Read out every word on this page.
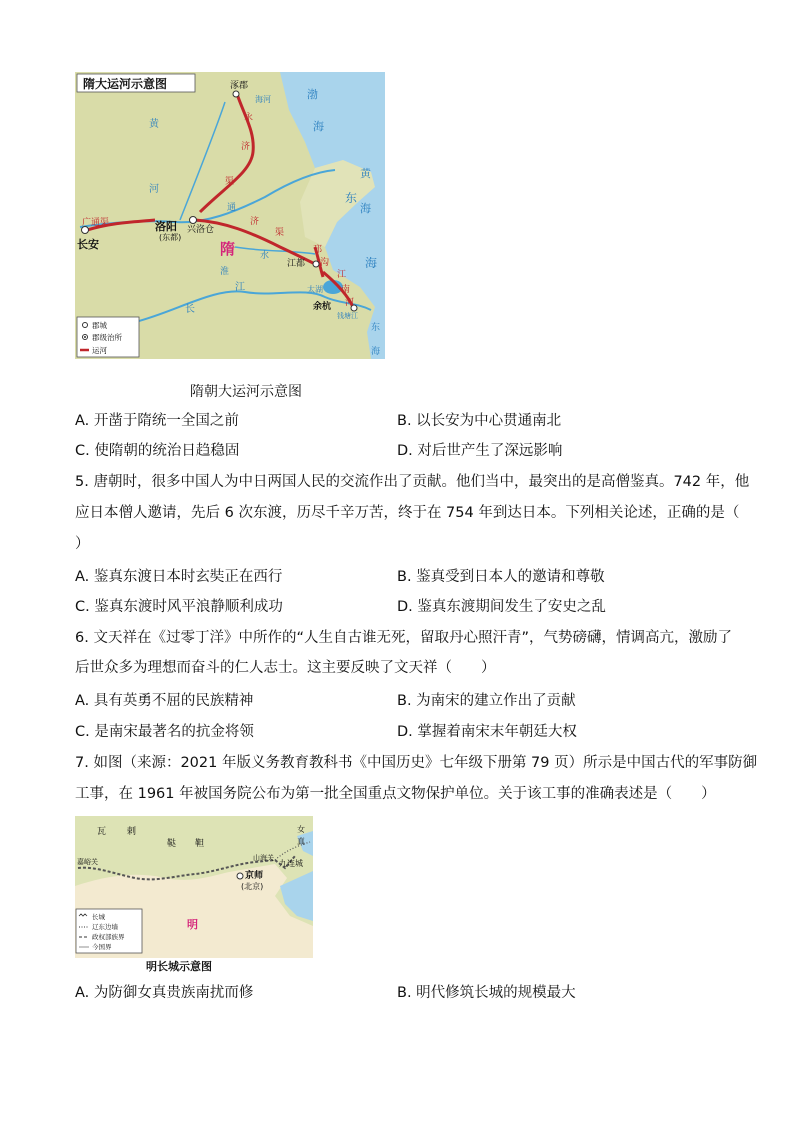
隋大运河示意图	涿郡
海河	渤
海
永
济
渠
黄
河
广通渠
长安
洛阳
(东都)
兴洛仓
通
济
渠
隋
黄
海
东
海
淮
水
邗
沟
江都
江
南
河
太湖
余杭
钱塘江
长
江
东
海
郡城
郡级治所
运河
隋朝大运河示意图
A. 开凿于隋统一全国之前	B. 以长安为中心贯通南北
C. 使隋朝的统治日趋稳固	D. 对后世产生了深远影响
5. 唐朝时，很多中国人为中日两国人民的交流作出了贡献。他们当中，最突出的是高僧鉴真。742 年，他
应日本僧人邀请，先后 6 次东渡，历尽千辛万苦，终于在 754 年到达日本。下列相关论述，正确的是（
）
A. 鉴真东渡日本时玄奘正在西行	B. 鉴真受到日本人的邀请和尊敬
C. 鉴真东渡时风平浪静顺利成功	D. 鉴真东渡期间发生了安史之乱
6. 文天祥在《过零丁洋》中所作的“人生自古谁无死，留取丹心照汗青”，气势磅礴，情调高亢，激励了
后世众多为理想而奋斗的仁人志士。这主要反映了文天祥（　　）
A. 具有英勇不屈的民族精神	B. 为南宋的建立作出了贡献
C. 是南宋最著名的抗金将领	D. 掌握着南宋末年朝廷大权
7. 如图（来源：2021 年版义务教育教科书《中国历史》七年级下册第 79 页）所示是中国古代的军事防御
工事，在 1961 年被国务院公布为第一批全国重点文物保护单位。关于该工事的准确表述是（　　）
瓦 剌
鞑 靼
女
真
嘉峪关	山海关
九连城
京师
(北京)
明
长城
辽东边墙
政权部族界
今国界
明长城示意图
A. 为防御女真贵族南扰而修	B. 明代修筑长城的规模最大
